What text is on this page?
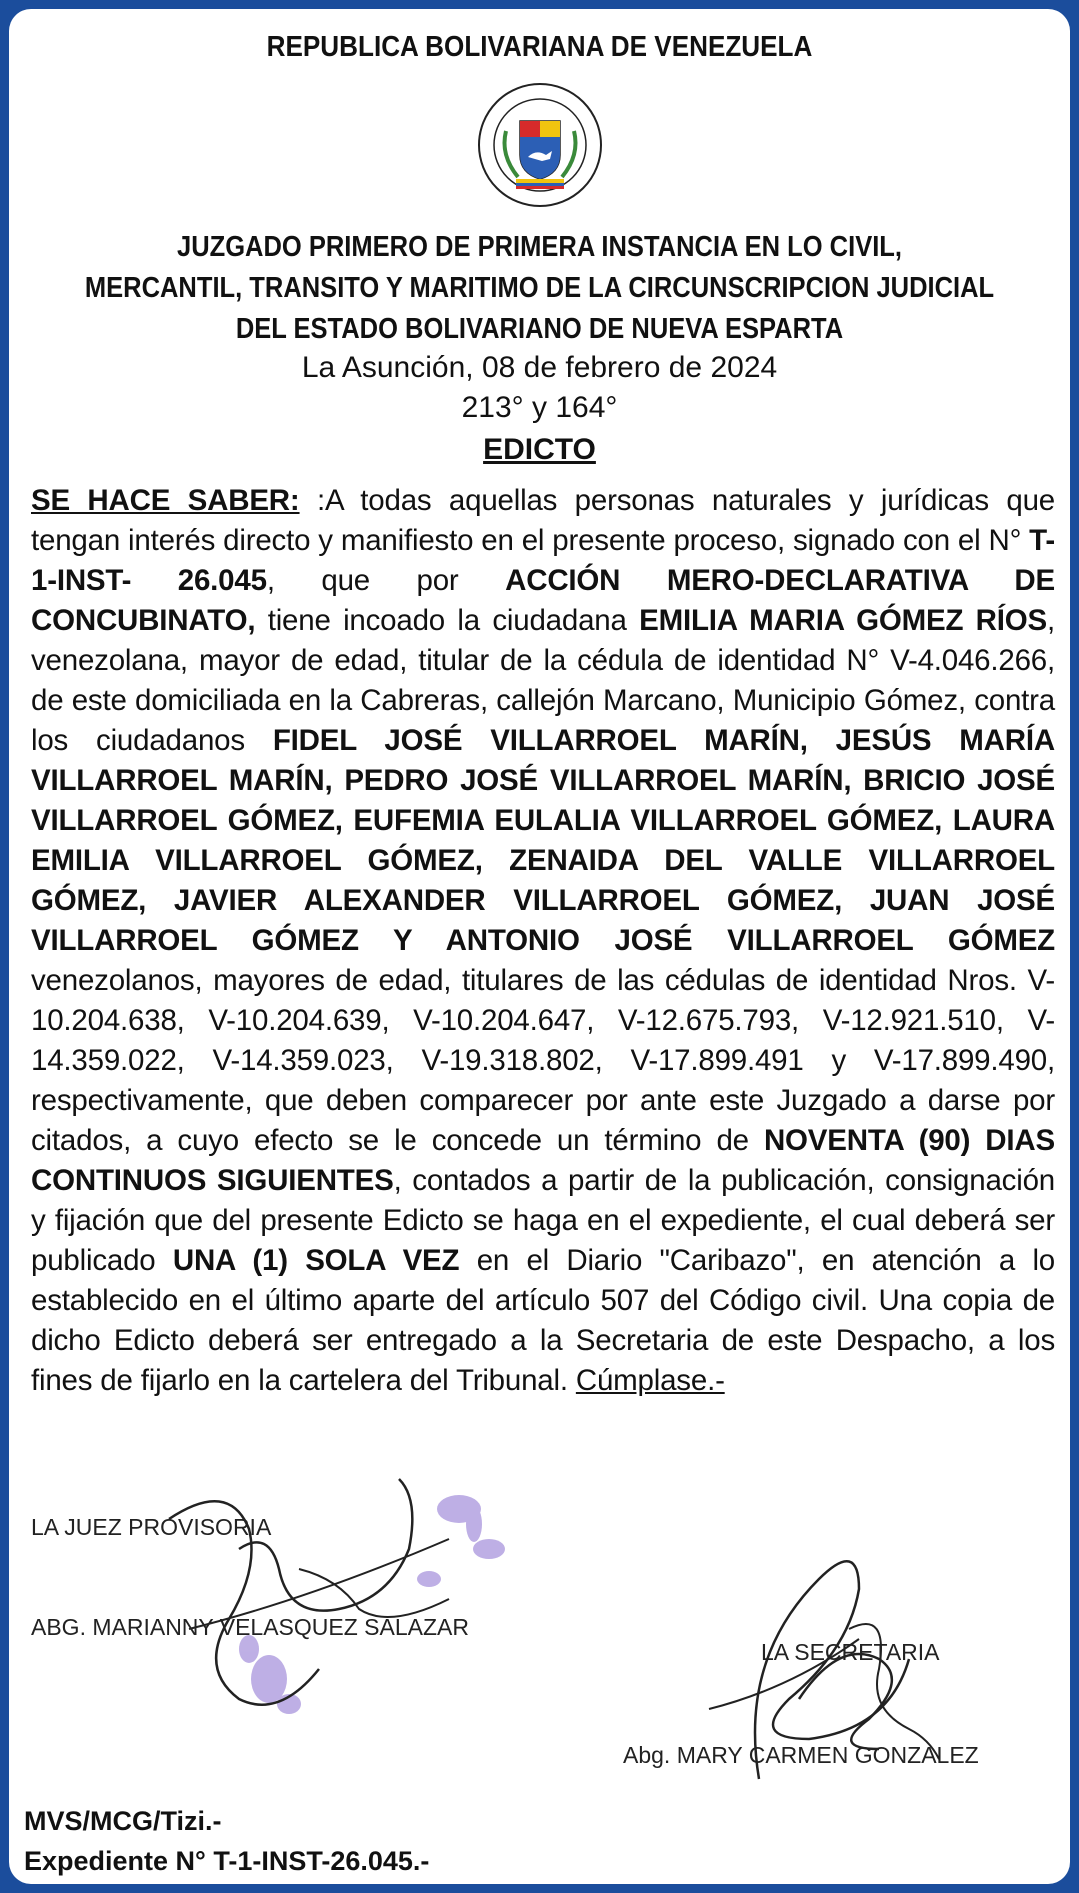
REPUBLICA BOLIVARIANA DE VENEZUELA
JUZGADO PRIMERO DE PRIMERA INSTANCIA EN LO CIVIL,
MERCANTIL, TRANSITO Y MARITIMO DE LA CIRCUNSCRIPCION JUDICIAL
DEL ESTADO BOLIVARIANO DE NUEVA ESPARTA
La Asunción, 08 de febrero de 2024
213° y 164°
EDICTO
SE HACE SABER: :A todas aquellas personas naturales y jurídicas que tengan interés directo y manifiesto en el presente proceso, signado con el N° T-1-INST- 26.045, que por ACCIÓN MERO-DECLARATIVA DE CONCUBINATO, tiene incoado la ciudadana EMILIA MARIA GÓMEZ RÍOS, venezolana, mayor de edad, titular de la cédula de identidad N° V-4.046.266, de este domiciliada en la Cabreras, callejón Marcano, Municipio Gómez, contra los ciudadanos FIDEL JOSÉ VILLARROEL MARÍN, JESÚS MARÍA VILLARROEL MARÍN, PEDRO JOSÉ VILLARROEL MARÍN, BRICIO JOSÉ VILLARROEL GÓMEZ, EUFEMIA EULALIA VILLARROEL GÓMEZ, LAURA EMILIA VILLARROEL GÓMEZ, ZENAIDA DEL VALLE VILLARROEL GÓMEZ, JAVIER ALEXANDER VILLARROEL GÓMEZ, JUAN JOSÉ VILLARROEL GÓMEZ Y ANTONIO JOSÉ VILLARROEL GÓMEZ venezolanos, mayores de edad, titulares de las cédulas de identidad Nros. V-10.204.638, V-10.204.639, V-10.204.647, V-12.675.793, V-12.921.510, V-14.359.022, V-14.359.023, V-19.318.802, V-17.899.491 y V-17.899.490, respectivamente, que deben comparecer por ante este Juzgado a darse por citados, a cuyo efecto se le concede un término de NOVENTA (90) DIAS CONTINUOS SIGUIENTES, contados a partir de la publicación, consignación y fijación que del presente Edicto se haga en el expediente, el cual deberá ser publicado UNA (1) SOLA VEZ en el Diario "Caribazo", en atención a lo establecido en el último aparte del artículo 507 del Código civil. Una copia de dicho Edicto deberá ser entregado a la Secretaria de este Despacho, a los fines de fijarlo en la cartelera del Tribunal. Cúmplase.-
LA JUEZ PROVISORIA
ABG. MARIANNY VELASQUEZ SALAZAR
LA SECRETARIA
Abg. MARY CARMEN GONZALEZ
MVS/MCG/Tizi.-
Expediente N° T-1-INST-26.045.-
